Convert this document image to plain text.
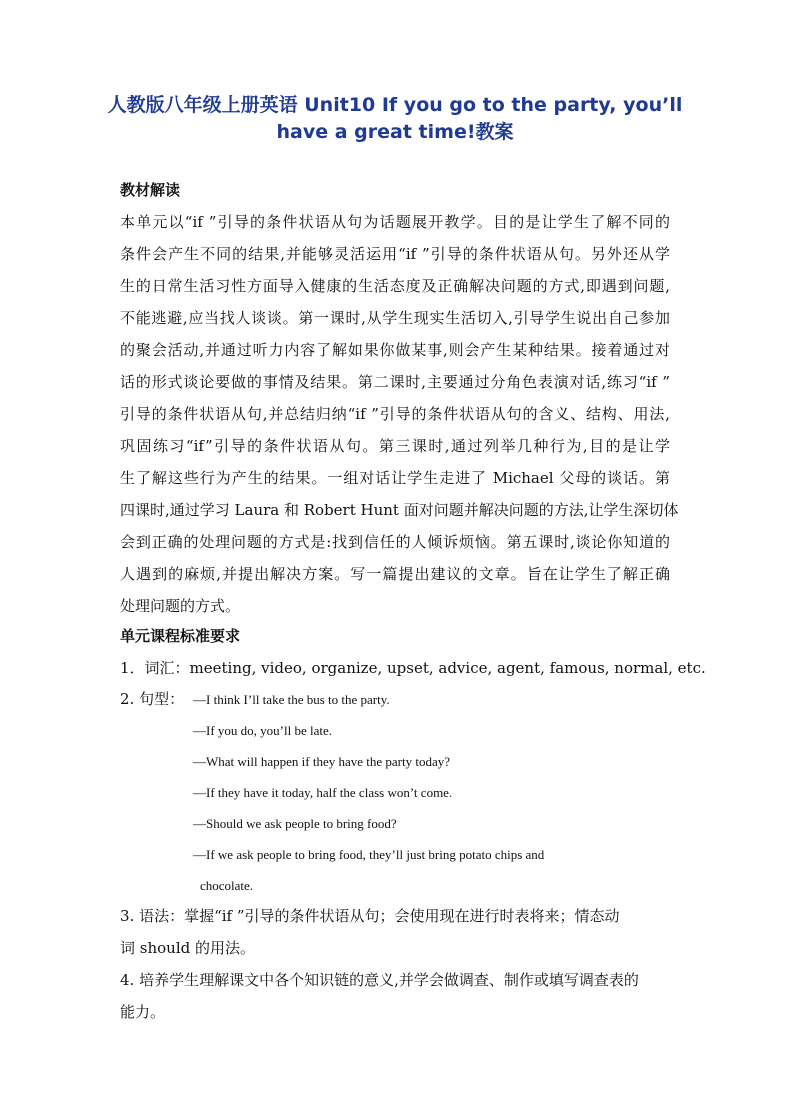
人教版八年级上册英语 Unit10 If you go to the party, you’ll
have a great time!教案
教材解读
本单元以“if ”引导的条件状语从句为话题展开教学。目的是让学生了解不同的
条件会产生不同的结果,并能够灵活运用“if ”引导的条件状语从句。另外还从学
生的日常生活习性方面导入健康的生活态度及正确解决问题的方式,即遇到问题,
不能逃避,应当找人谈谈。第一课时,从学生现实生活切入,引导学生说出自己参加
的聚会活动,并通过听力内容了解如果你做某事,则会产生某种结果。接着通过对
话的形式谈论要做的事情及结果。第二课时,主要通过分角色表演对话,练习“if ”
引导的条件状语从句,并总结归纳“if ”引导的条件状语从句的含义、结构、用法,
巩固练习“if”引导的条件状语从句。第三课时,通过列举几种行为,目的是让学
生了解这些行为产生的结果。一组对话让学生走进了 Michael 父母的谈话。第
四课时,通过学习 Laura 和 Robert Hunt 面对问题并解决问题的方法,让学生深切体
会到正确的处理问题的方式是:找到信任的人倾诉烦恼。第五课时,谈论你知道的
人遇到的麻烦,并提出解决方案。写一篇提出建议的文章。旨在让学生了解正确
处理问题的方式。
单元课程标准要求
1．词汇：meeting, video, organize, upset, advice, agent, famous, normal, etc.
2. 句型： —I think I’ll take the bus to the party.
—If you do, you’ll be late.
—What will happen if they have the party today?
—If they have it today, half the class won’t come.
—Should we ask people to bring food?
—If we ask people to bring food, they’ll just bring potato chips and
chocolate.
3. 语法：掌握“if ”引导的条件状语从句；会使用现在进行时表将来；情态动
词 should 的用法。
4. 培养学生理解课文中各个知识链的意义,并学会做调查、制作或填写调查表的
能力。
